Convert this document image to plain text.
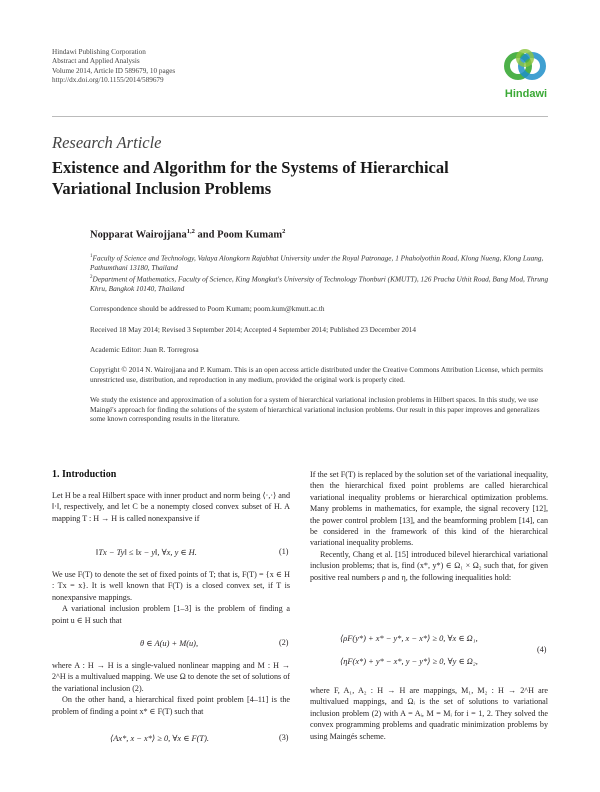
Hindawi Publishing Corporation
Abstract and Applied Analysis
Volume 2014, Article ID 589679, 10 pages
http://dx.doi.org/10.1155/2014/589679
Hindawi
Research Article
Existence and Algorithm for the Systems of Hierarchical Variational Inclusion Problems
Nopparat Wairojjana$^{1,2}$ and Poom Kumam$^2$
$^1$Faculty of Science and Technology, Valaya Alongkorn Rajabhat University under the Royal Patronage, 1 Phaholyothin Road, Klong Nueng, Klong Luang, Pathumthani 13180, Thailand
$^2$Department of Mathematics, Faculty of Science, King Mongkut's University of Technology Thonburi (KMUTT), 126 Pracha Uthit Road, Bang Mod, Thrung Khru, Bangkok 10140, Thailand
Correspondence should be addressed to Poom Kumam; poom.kum@kmutt.ac.th
Received 18 May 2014; Revised 3 September 2014; Accepted 4 September 2014; Published 23 December 2014
Academic Editor: Juan R. Torregrosa
Copyright © 2014 N. Wairojjana and P. Kumam. This is an open access article distributed under the Creative Commons Attribution License, which permits unrestricted use, distribution, and reproduction in any medium, provided the original work is properly cited.
We study the existence and approximation of a solution for a system of hierarchical variational inclusion problems in Hilbert spaces. In this study, we use Maingé's approach for finding the solutions of the system of hierarchical variational inclusion problems. Our result in this paper improves and generalizes some known corresponding results in the literature.
1. Introduction

Let H be a real Hilbert space with inner product and norm being ⟨·,·⟩ and ‖·‖, respectively, and let C be a nonempty closed convex subset of H. A mapping T : H → H is called nonexpansive if

‖Tx − Ty‖ ≤ ‖x − y‖, ∀x, y ∈ H.	(1)

We use F(T) to denote the set of fixed points of T; that is, F(T) = {x ∈ H : Tx = x}. It is well known that F(T) is a closed convex set, if T is nonexpansive mappings.

A variational inclusion problem [1–3] is the problem of finding a point u ∈ H such that

θ ∈ A(u) + M(u),	(2)

where A : H → H is a single-valued nonlinear mapping and M : H → 2^H is a multivalued mapping. We use Ω to denote the set of solutions of the variational inclusion (2).

On the other hand, a hierarchical fixed point problem [4–11] is the problem of finding a point x* ∈ F(T) such that

⟨Ax*, x − x*⟩ ≥ 0, ∀x ∈ F(T).	(3)

If the set F(T) is replaced by the solution set of the variational inequality, then the hierarchical fixed point problems are called hierarchical variational inequality problems or hierarchical optimization problems. Many problems in mathematics, for example, the signal recovery [12], the power control problem [13], and the beamforming problem [14], can be considered in the framework of this kind of the hierarchical variational inequality problems.

Recently, Chang et al. [15] introduced bilevel hierarchical variational inclusion problems; that is, find (x*, y*) ∈ Ω₁ × Ω₂ such that, for given positive real numbers ρ and η, the following inequalities hold:

⟨ρF(y*) + x* − y*, x − x*⟩ ≥ 0, ∀x ∈ Ω₁,
⟨ηF(x*) + y* − x*, y − y*⟩ ≥ 0, ∀y ∈ Ω₂,
(4)

where F, A₁, A₂ : H → H are mappings, M₁, M₂ : H → 2^H are multivalued mappings, and Ωᵢ is the set of solutions to variational inclusion problem (2) with A = Aᵢ, M = Mᵢ for i = 1, 2. They solved the convex programming problems and quadratic minimization problems by using Maingés scheme.
